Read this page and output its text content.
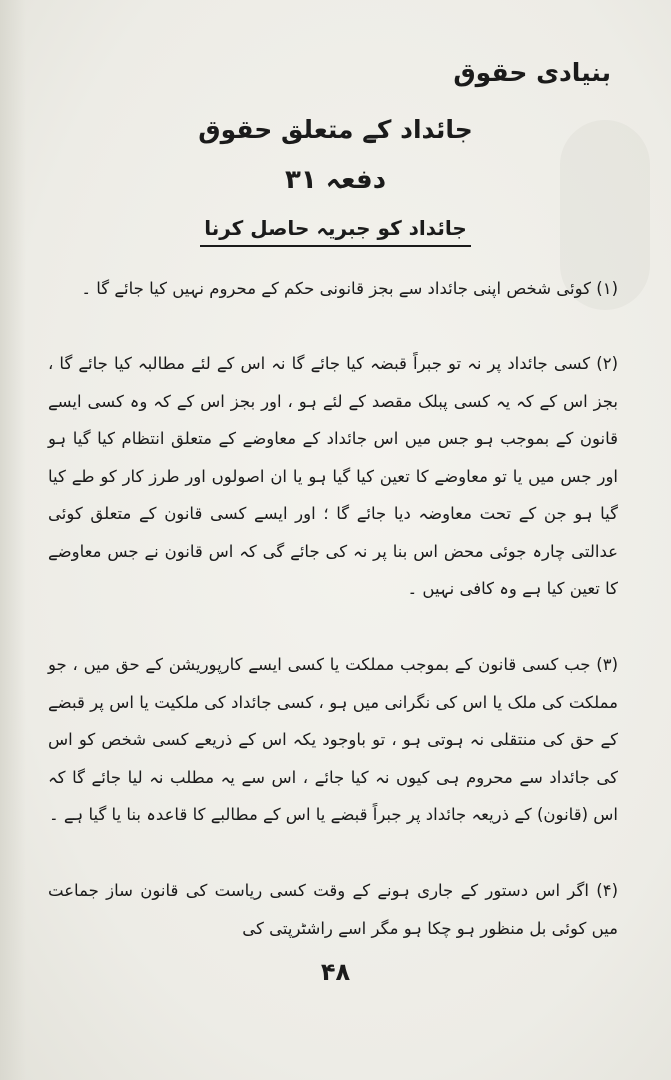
بنیادی حقوق
جائداد کے متعلق حقوق
دفعہ ۳۱
جائداد کو جبریہ حاصل کرنا
(۱) کوئی شخص اپنی جائداد سے بجز قانونی حکم کے محروم نہیں کیا جائے گا ۔
(۲) کسی جائداد پر نہ تو جبراً قبضہ کیا جائے گا نہ اس کے لئے مطالبہ کیا جائے گا ، بجز اس کے کہ یہ کسی پبلک مقصد کے لئے ہو ، اور بجز اس کے کہ وہ کسی ایسے قانون کے بموجب ہو جس میں اس جائداد کے معاوضے کے متعلق انتظام کیا گیا ہو اور جس میں یا تو معاوضے کا تعین کیا گیا ہو یا ان اصولوں اور طرز کار کو طے کیا گیا ہو جن کے تحت معاوضہ دیا جائے گا ؛ اور ایسے کسی قانون کے متعلق کوئی عدالتی چارہ جوئی محض اس بنا پر نہ کی جائے گی کہ اس قانون نے جس معاوضے کا تعین کیا ہے وہ کافی نہیں ۔
(۳) جب کسی قانون کے بموجب مملکت یا کسی ایسے کارپوریشن کے حق میں ، جو مملکت کی ملک یا اس کی نگرانی میں ہو ، کسی جائداد کی ملکیت یا اس پر قبضے کے حق کی منتقلی نہ ہوتی ہو ، تو باوجود یکہ اس کے ذریعے کسی شخص کو اس کی جائداد سے محروم ہی کیوں نہ کیا جائے ، اس سے یہ مطلب نہ لیا جائے گا کہ اس (قانون) کے ذریعہ جائداد پر جبراً قبضے یا اس کے مطالبے کا قاعدہ بنا یا گیا ہے ۔
(۴) اگر اس دستور کے جاری ہونے کے وقت کسی ریاست کی قانون ساز جماعت میں کوئی بل منظور ہو چکا ہو مگر اسے راشٹرپتی کی
۴۸
